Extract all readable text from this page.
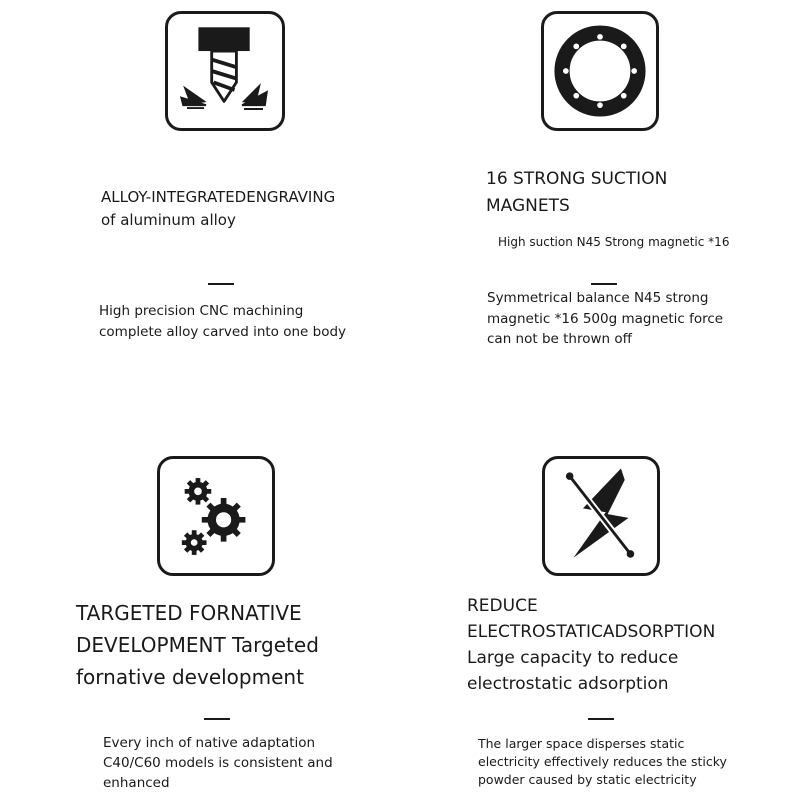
ALLOY-INTEGRATEDENGRAVING
of aluminum alloy
High precision CNC machining
complete alloy carved into one body
16 STRONG SUCTION
MAGNETS
High suction N45 Strong magnetic *16
Symmetrical balance N45 strong
magnetic *16 500g magnetic force
can not be thrown off
TARGETED FORNATIVE
DEVELOPMENT Targeted
fornative development
Every inch of native adaptation
C40/C60 models is consistent and
enhanced
REDUCE
ELECTROSTATICADSORPTION
Large capacity to reduce
electrostatic adsorption
The larger space disperses static
electricity effectively reduces the sticky
powder caused by static electricity
